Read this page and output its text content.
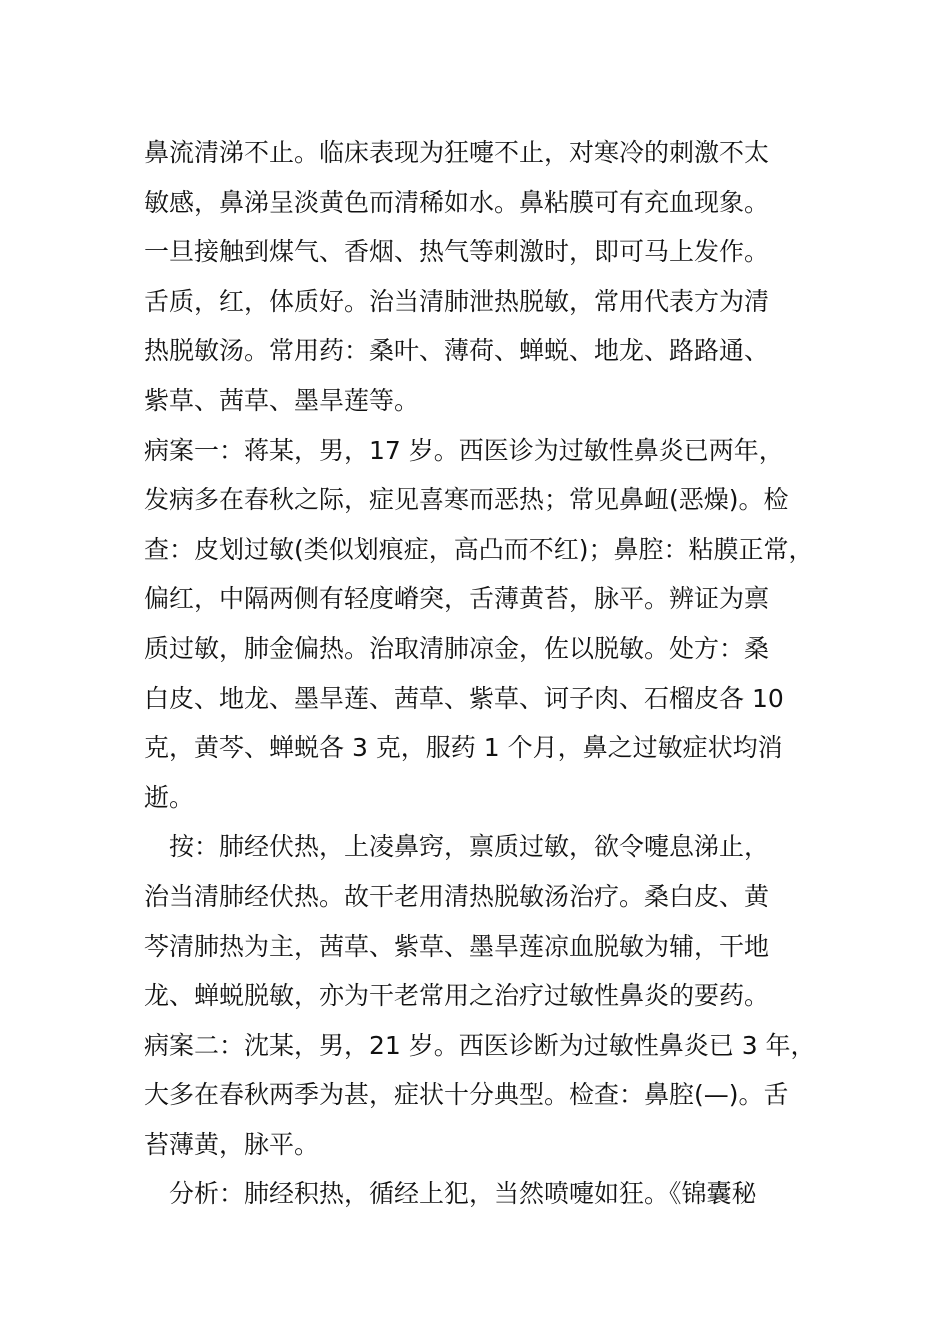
鼻流清涕不止。临床表现为狂嚏不止，对寒冷的刺激不太
敏感，鼻涕呈淡黄色而清稀如水。鼻粘膜可有充血现象。
一旦接触到煤气、香烟、热气等刺激时，即可马上发作。
舌质，红，体质好。治当清肺泄热脱敏，常用代表方为清
热脱敏汤。常用药：桑叶、薄荷、蝉蜕、地龙、路路通、
紫草、茜草、墨旱莲等。
病案一：蒋某，男，17 岁。西医诊为过敏性鼻炎已两年，
发病多在春秋之际，症见喜寒而恶热；常见鼻衄(恶燥)。检
查：皮划过敏(类似划痕症，高凸而不红)；鼻腔：粘膜正常，
偏红，中隔两侧有轻度嵴突，舌薄黄苔，脉平。辨证为禀
质过敏，肺金偏热。治取清肺凉金，佐以脱敏。处方：桑
白皮、地龙、墨旱莲、茜草、紫草、诃子肉、石榴皮各 10
克，黄芩、蝉蜕各 3 克，服药 1 个月，鼻之过敏症状均消
逝。
　按：肺经伏热，上凌鼻窍，禀质过敏，欲令嚏息涕止，
治当清肺经伏热。故干老用清热脱敏汤治疗。桑白皮、黄
芩清肺热为主，茜草、紫草、墨旱莲凉血脱敏为辅，干地
龙、蝉蜕脱敏，亦为干老常用之治疗过敏性鼻炎的要药。
病案二：沈某，男，21 岁。西医诊断为过敏性鼻炎已 3 年，
大多在春秋两季为甚，症状十分典型。检查：鼻腔(—)。舌
苔薄黄，脉平。
　分析：肺经积热，循经上犯，当然喷嚏如狂。《锦囊秘
